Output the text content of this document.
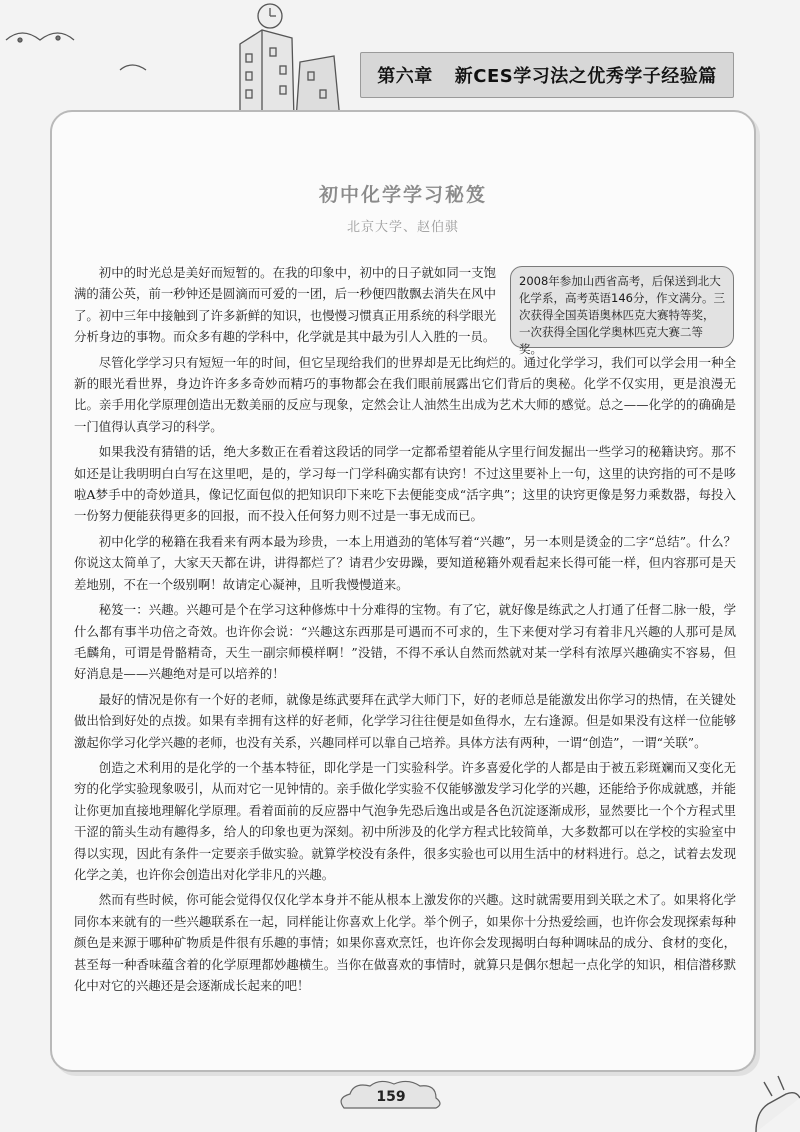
第六章 新CES学习法之优秀学子经验篇
初中化学学习秘笈
北京大学、赵伯骐
2008年参加山西省高考，后保送到北大化学系，高考英语146分，作文满分。三次获得全国英语奥林匹克大赛特等奖，一次获得全国化学奥林匹克大赛二等奖。

初中的时光总是美好而短暂的。在我的印象中，初中的日子就如同一支饱满的蒲公英，前一秒钟还是圆滴而可爱的一团，后一秒便四散飘去消失在风中了。初中三年中接触到了许多新鲜的知识，也慢慢习惯真正用系统的科学眼光分析身边的事物。而众多有趣的学科中，化学就是其中最为引人入胜的一员。

尽管化学学习只有短短一年的时间，但它呈现给我们的世界却是无比绚烂的。通过化学学习，我们可以学会用一种全新的眼光看世界，身边许许多多奇妙而精巧的事物都会在我们眼前展露出它们背后的奥秘。化学不仅实用，更是浪漫无比。亲手用化学原理创造出无数美丽的反应与现象，定然会让人油然生出成为艺术大师的感觉。总之——化学的的确确是一门值得认真学习的科学。

如果我没有猜错的话，绝大多数正在看着这段话的同学一定都希望着能从字里行间发掘出一些学习的秘籍诀窍。那不如还是让我明明白白写在这里吧，是的，学习每一门学科确实都有诀窍！不过这里要补上一句，这里的诀窍指的可不是哆啦A梦手中的奇妙道具，像记忆面包似的把知识印下来吃下去便能变成“活字典”；这里的诀窍更像是努力乘数器，每投入一份努力便能获得更多的回报，而不投入任何努力则不过是一事无成而已。

初中化学的秘籍在我看来有两本最为珍贵，一本上用遒劲的笔体写着“兴趣”，另一本则是烫金的二字“总结”。什么？你说这太简单了，大家天天都在讲，讲得都烂了？请君少安毋躁，要知道秘籍外观看起来长得可能一样，但内容那可是天差地别，不在一个级别啊！故请定心凝神，且听我慢慢道来。

秘笈一：兴趣。兴趣可是个在学习这种修炼中十分难得的宝物。有了它，就好像是练武之人打通了任督二脉一般，学什么都有事半功倍之奇效。也许你会说：“兴趣这东西那是可遇而不可求的，生下来便对学习有着非凡兴趣的人那可是凤毛麟角，可谓是骨骼精奇，天生一副宗师模样啊！”没错，不得不承认自然而然就对某一学科有浓厚兴趣确实不容易，但好消息是——兴趣绝对是可以培养的！

最好的情况是你有一个好的老师，就像是练武要拜在武学大师门下，好的老师总是能激发出你学习的热情，在关键处做出恰到好处的点拨。如果有幸拥有这样的好老师，化学学习往往便是如鱼得水，左右逢源。但是如果没有这样一位能够激起你学习化学兴趣的老师，也没有关系，兴趣同样可以靠自己培养。具体方法有两种，一谓“创造”，一谓“关联”。

创造之术利用的是化学的一个基本特征，即化学是一门实验科学。许多喜爱化学的人都是由于被五彩斑斓而又变化无穷的化学实验现象吸引，从而对它一见钟情的。亲手做化学实验不仅能够激发学习化学的兴趣，还能给予你成就感，并能让你更加直接地理解化学原理。看着面前的反应器中气泡争先恐后逸出或是各色沉淀逐渐成形，显然要比一个个方程式里干涩的箭头生动有趣得多，给人的印象也更为深刻。初中所涉及的化学方程式比较简单，大多数都可以在学校的实验室中得以实现，因此有条件一定要亲手做实验。就算学校没有条件，很多实验也可以用生活中的材料进行。总之，试着去发现化学之美，也许你会创造出对化学非凡的兴趣。

然而有些时候，你可能会觉得仅仅化学本身并不能从根本上激发你的兴趣。这时就需要用到关联之术了。如果将化学同你本来就有的一些兴趣联系在一起，同样能让你喜欢上化学。举个例子，如果你十分热爱绘画，也许你会发现探索每种颜色是来源于哪种矿物质是件很有乐趣的事情；如果你喜欢烹饪，也许你会发现揭明白每种调味品的成分、食材的变化，甚至每一种香味蕴含着的化学原理都妙趣横生。当你在做喜欢的事情时，就算只是偶尔想起一点化学的知识，相信潜移默化中对它的兴趣还是会逐渐成长起来的吧！

159
